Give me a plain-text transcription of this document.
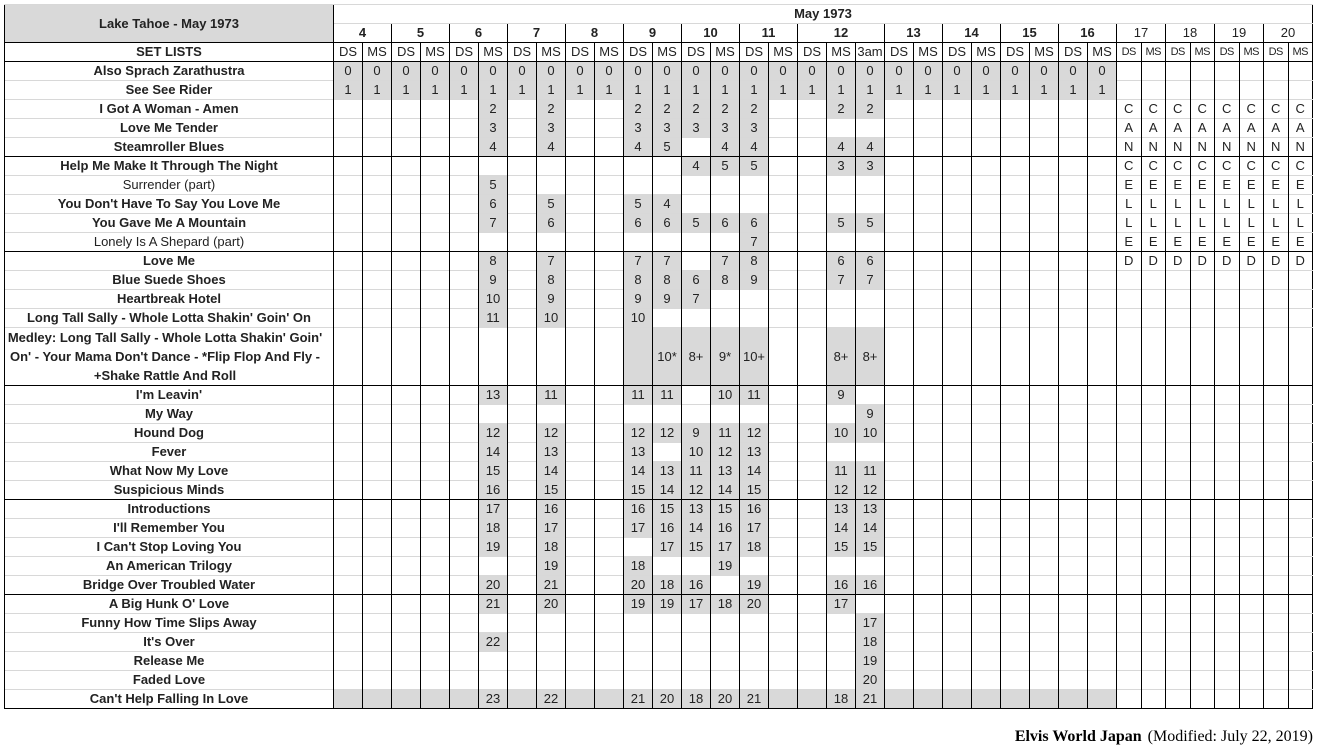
Lake Tahoe - May 1973	May 1973																																		
	4		5		6		7		8		9		10		11		12			13		14		15		16		17		18		19		20	
SET LISTS	DS	MS	DS	MS	DS	MS	DS	MS	DS	MS	DS	MS	DS	MS	DS	MS	DS	MS	3am	DS	MS	DS	MS	DS	MS	DS	MS	DS	MS	DS	MS	DS	MS	DS	MS
Also Sprach Zarathustra	0	0	0	0	0	0	0	0	0	0	0	0	0	0	0	0	0	0	0	0	0	0	0	0	0	0	0								
See See Rider	1	1	1	1	1	1	1	1	1	1	1	1	1	1	1	1	1	1	1	1	1	1	1	1	1	1	1								
I Got A Woman - Amen						2		2			2	2	2	2	2			2	2									C	C	C	C	C	C	C	C
Love Me Tender						3		3			3	3	3	3	3													A	A	A	A	A	A	A	A
Steamroller Blues						4		4			4	5		4	4			4	4									N	N	N	N	N	N	N	N
Help Me Make It Through The Night													4	5	5			3	3									C	C	C	C	C	C	C	C
Surrender (part)						5																						E	E	E	E	E	E	E	E
You Don't Have To Say You Love Me						6		5			5	4																L	L	L	L	L	L	L	L
You Gave Me A Mountain						7		6			6	6	5	6	6			5	5									L	L	L	L	L	L	L	L
Lonely Is A Shepard (part)															7													E	E	E	E	E	E	E	E
Love Me						8		7			7	7		7	8			6	6									D	D	D	D	D	D	D	D
Blue Suede Shoes						9		8			8	8	6	8	9			7	7																
Heartbreak Hotel						10		9			9	9	7																						
Long Tall Sally - Whole Lotta Shakin' Goin' On						11		10			10																								
Medley: Long Tall Sally - Whole Lotta Shakin' Goin' On' - Your Mama Don't Dance - *Flip Flop And Fly - +Shake Rattle And Roll												10*	8+	9*	10+			8+	8+																
I'm Leavin'						13		11			11	11		10	11			9																	
My Way																			9																
Hound Dog						12		12			12	12	9	11	12			10	10																
Fever						14		13			13		10	12	13																				
What Now My Love						15		14			14	13	11	13	14			11	11																
Suspicious Minds						16		15			15	14	12	14	15			12	12																
Introductions						17		16			16	15	13	15	16			13	13																
I'll Remember You						18		17			17	16	14	16	17			14	14																
I Can't Stop Loving You						19		18				17	15	17	18			15	15																
An American Trilogy								19			18			19																					
Bridge Over Troubled Water						20		21			20	18	16		19			16	16																
A Big Hunk O' Love						21		20			19	19	17	18	20			17																	
Funny How Time Slips Away																			17																
It's Over						22													18																
Release Me																			19																
Faded Love																			20																
Can't Help Falling In Love						23		22			21	20	18	20	21			18	21																
Elvis World Japan (Modified: July 22, 2019)
